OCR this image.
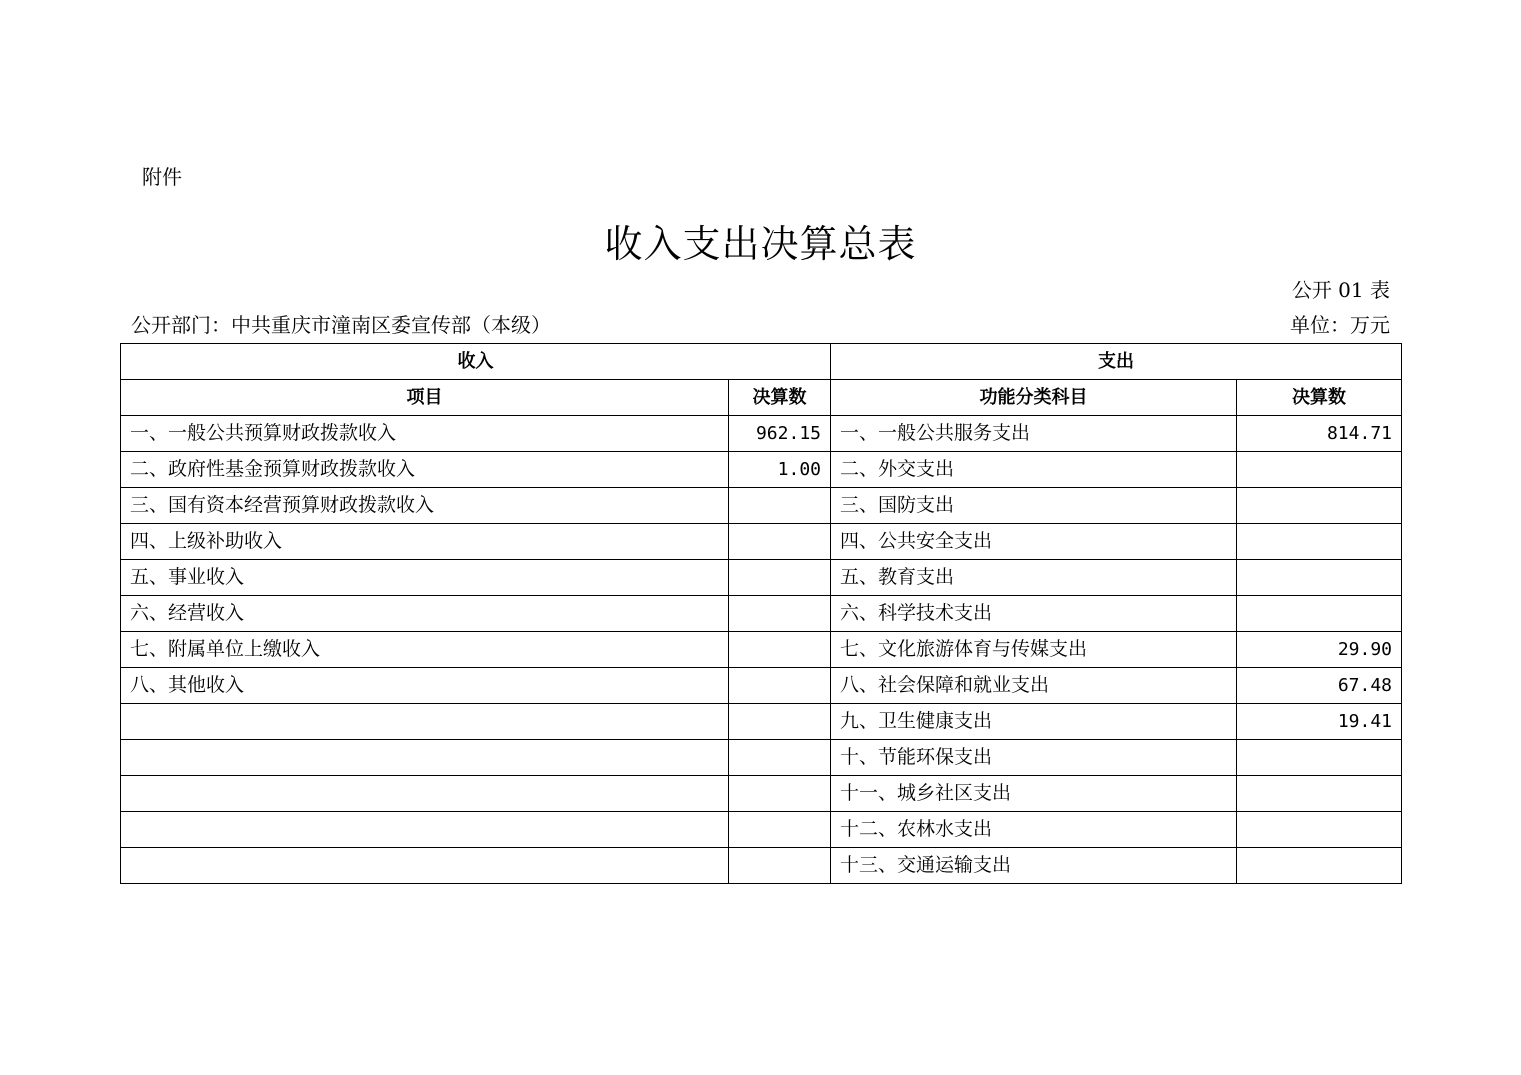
附件
收入支出决算总表
公开 01 表
公开部门：中共重庆市潼南区委宣传部（本级）	单位：万元
收入		支出	
项目	决算数	功能分类科目	决算数
一、一般公共预算财政拨款收入	962.15	一、一般公共服务支出	814.71
二、政府性基金预算财政拨款收入	1.00	二、外交支出	
三、国有资本经营预算财政拨款收入		三、国防支出	
四、上级补助收入		四、公共安全支出	
五、事业收入		五、教育支出	
六、经营收入		六、科学技术支出	
七、附属单位上缴收入		七、文化旅游体育与传媒支出	29.90
八、其他收入		八、社会保障和就业支出	67.48
		九、卫生健康支出	19.41
		十、节能环保支出	
		十一、城乡社区支出	
		十二、农林水支出	
		十三、交通运输支出	
